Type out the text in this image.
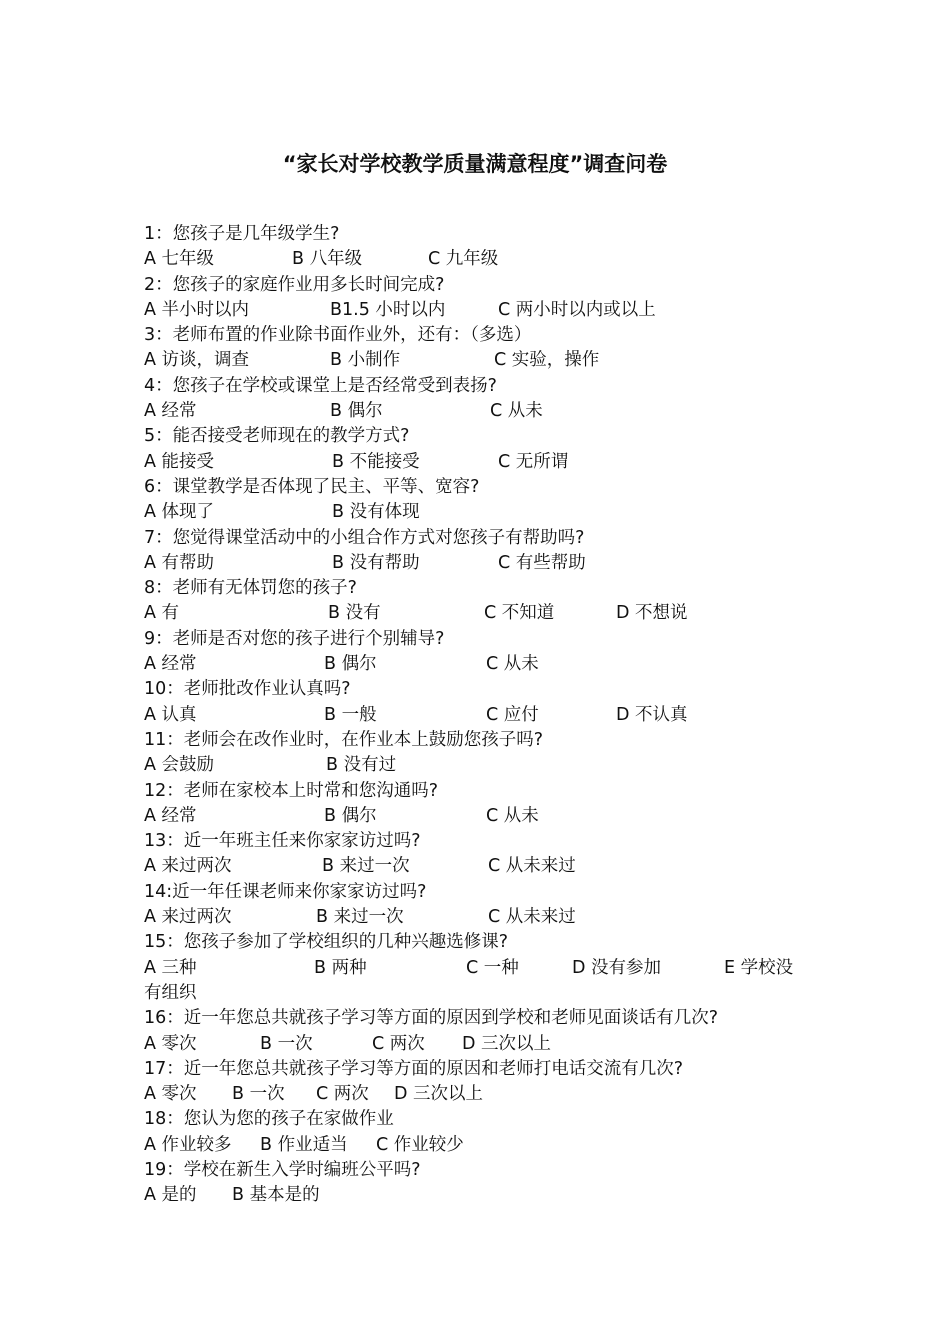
“家长对学校教学质量满意程度”调查问卷
1：您孩子是几年级学生?
A 七年级	B 八年级	C 九年级
2：您孩子的家庭作业用多长时间完成?
A 半小时以内	B1.5 小时以内	C 两小时以内或以上
3：老师布置的作业除书面作业外，还有：（多选）
A 访谈，调查	B 小制作	C 实验，操作
4：您孩子在学校或课堂上是否经常受到表扬?
A 经常	B 偶尔	C 从未
5：能否接受老师现在的教学方式?
A 能接受	B 不能接受	C 无所谓
6：课堂教学是否体现了民主、平等、宽容?
A 体现了	B 没有体现
7：您觉得课堂活动中的小组合作方式对您孩子有帮助吗?
A 有帮助	B 没有帮助	C 有些帮助
8：老师有无体罚您的孩子?
A 有	B 没有	C 不知道	D 不想说
9：老师是否对您的孩子进行个别辅导?
A 经常	B 偶尔	C 从未
10：老师批改作业认真吗?
A 认真	B 一般	C 应付	D 不认真
11：老师会在改作业时，在作业本上鼓励您孩子吗?
A 会鼓励	B 没有过
12：老师在家校本上时常和您沟通吗?
A 经常	B 偶尔	C 从未
13：近一年班主任来你家家访过吗?
A 来过两次	B 来过一次	C 从未来过
14:近一年任课老师来你家家访过吗?
A 来过两次	B 来过一次	C 从未来过
15：您孩子参加了学校组织的几种兴趣选修课?
A 三种	B 两种	C 一种	D 没有参加	E 学校没
有组织
16：近一年您总共就孩子学习等方面的原因到学校和老师见面谈话有几次?
A 零次	B 一次	C 两次 D 三次以上
17：近一年您总共就孩子学习等方面的原因和老师打电话交流有几次?
A 零次 B 一次 C 两次 D 三次以上
18：您认为您的孩子在家做作业
A 作业较多 B 作业适当 C 作业较少
19：学校在新生入学时编班公平吗?
A 是的 B 基本是的
